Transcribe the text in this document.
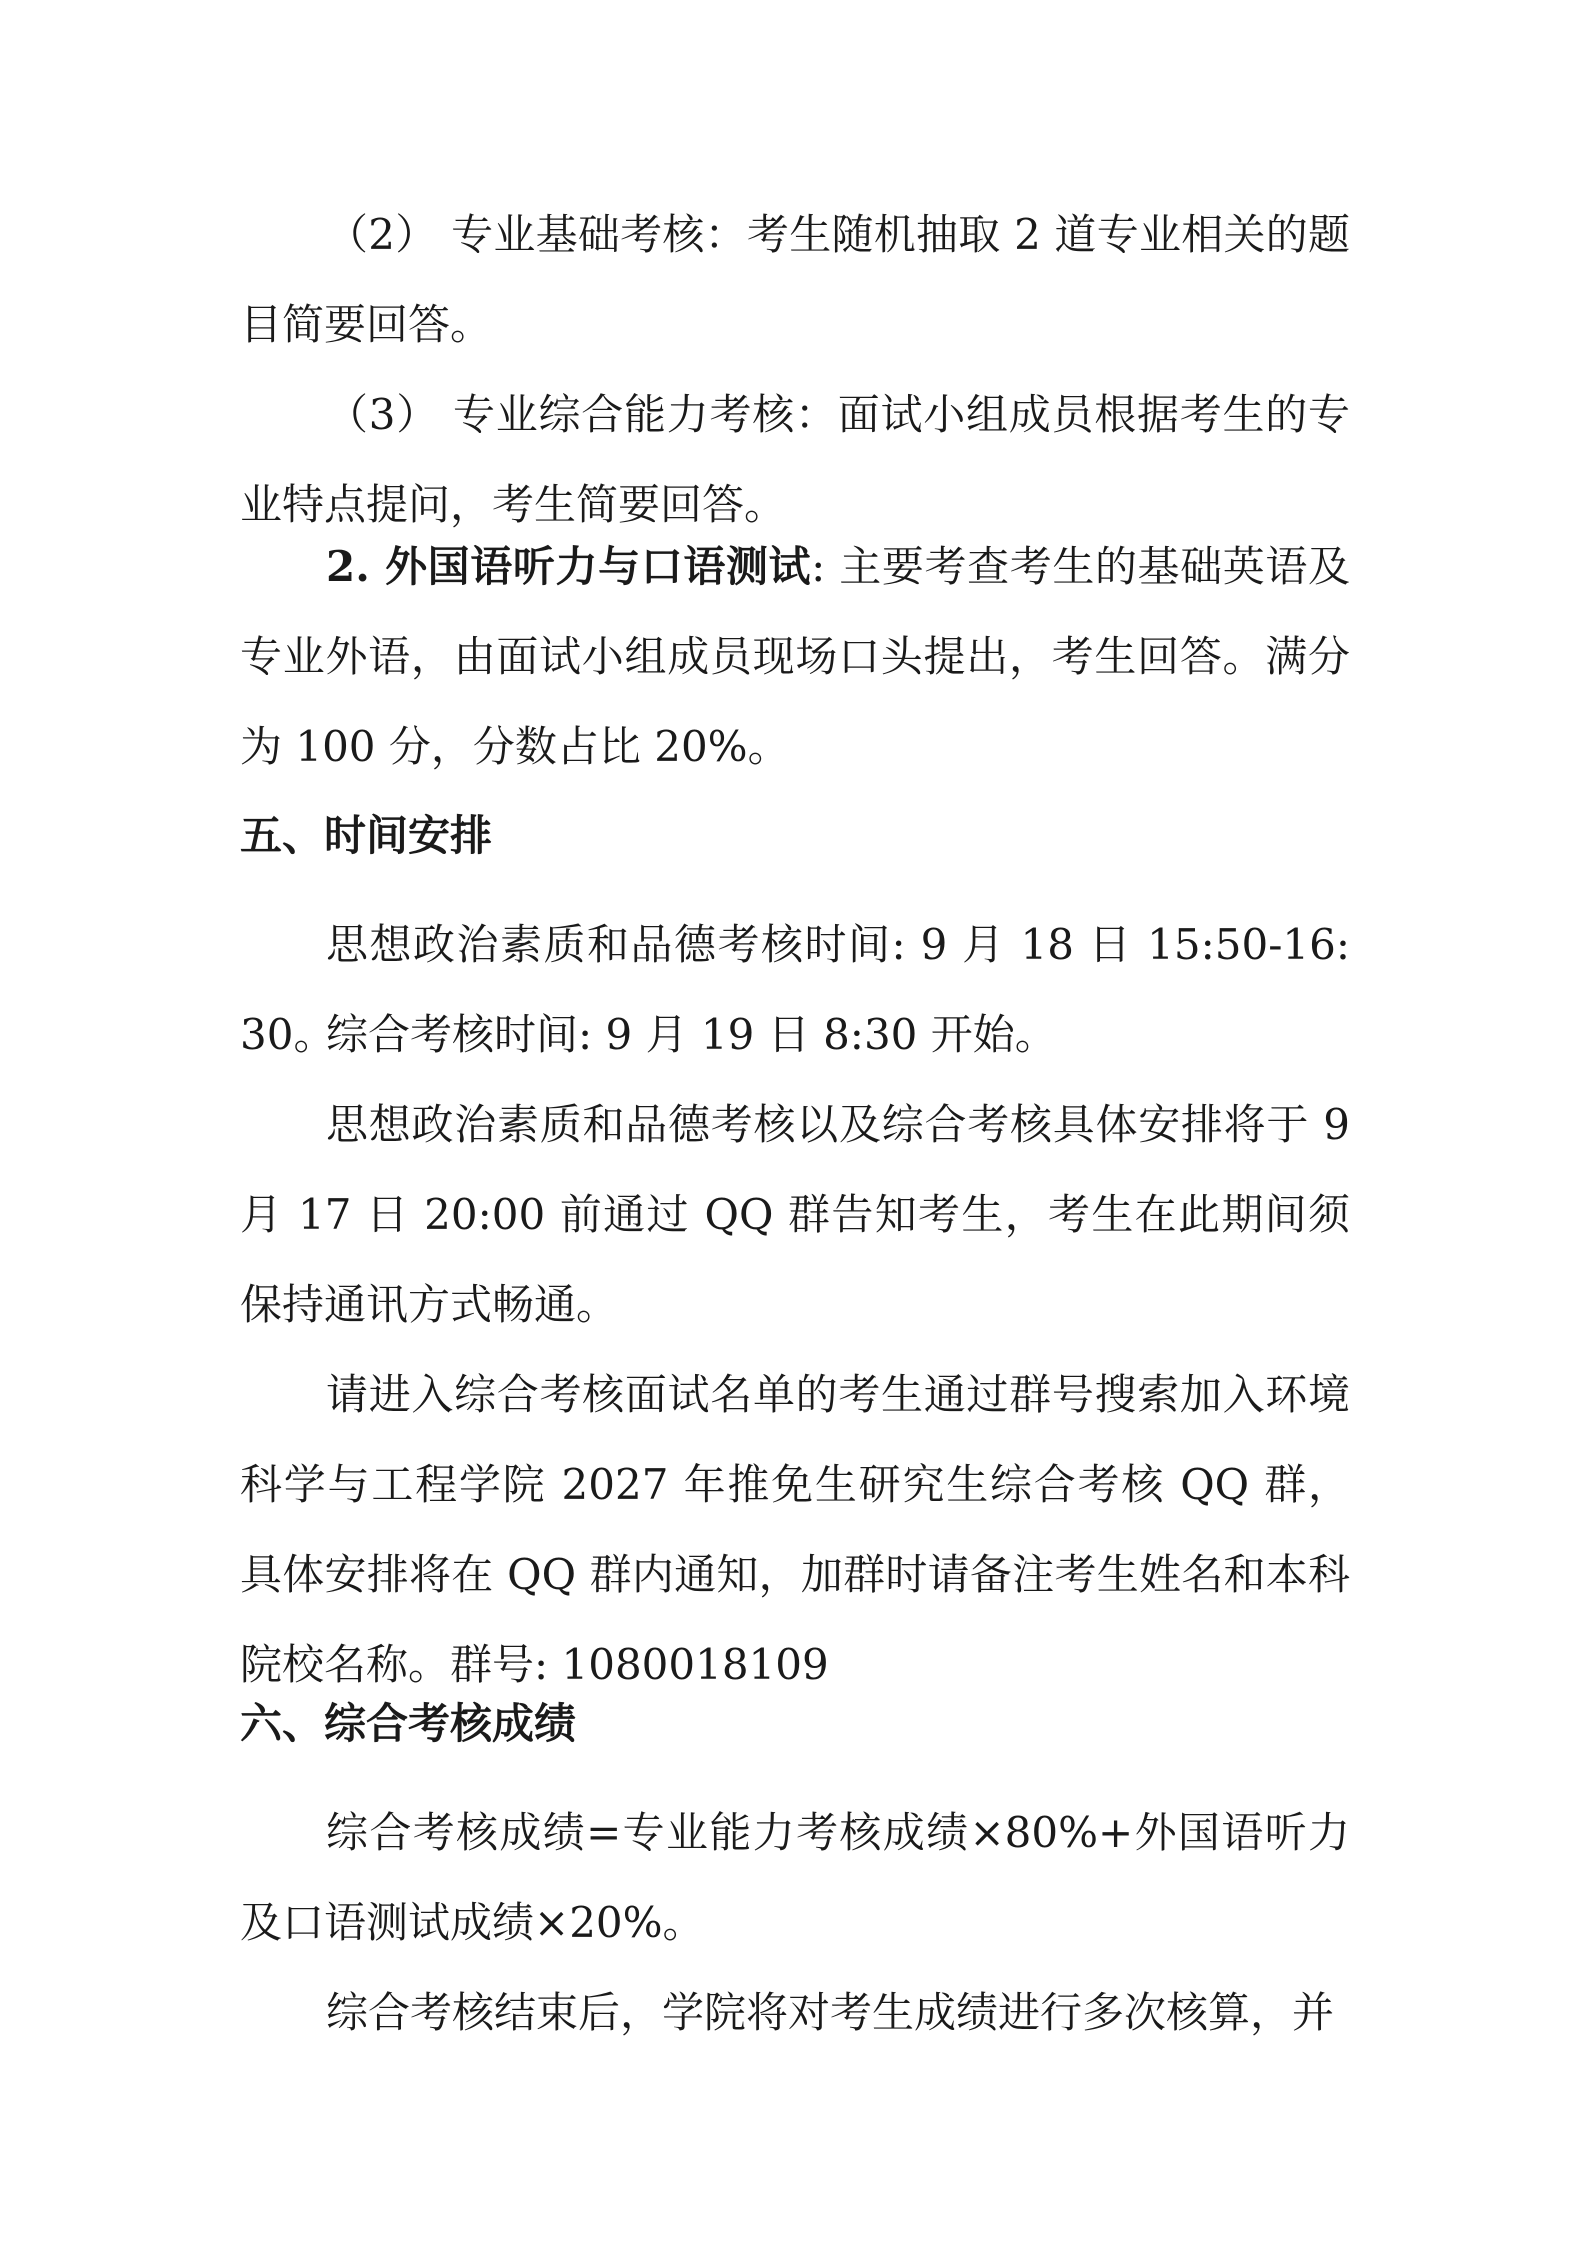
（2） 专业基础考核：考生随机抽取 2 道专业相关的题目简要回答。

（3） 专业综合能力考核：面试小组成员根据考生的专业特点提问，考生简要回答。

2. 外国语听力与口语测试: 主要考查考生的基础英语及专业外语，由面试小组成员现场口头提出，考生回答。满分为 100 分，分数占比 20%。

五、时间安排

思想政治素质和品德考核时间: 9 月 18 日 15:50-16: 30。

综合考核时间: 9 月 19 日 8:30 开始。

思想政治素质和品德考核以及综合考核具体安排将于 9 月 17 日 20:00 前通过 QQ 群告知考生，考生在此期间须保持通讯方式畅通。

请进入综合考核面试名单的考生通过群号搜索加入环境科学与工程学院 2027 年推免生研究生综合考核 QQ 群，具体安排将在 QQ 群内通知，加群时请备注考生姓名和本科院校名称。群号: 1080018109

六、综合考核成绩

综合考核成绩=专业能力考核成绩×80%+外国语听力及口语测试成绩×20%。

综合考核结束后，学院将对考生成绩进行多次核算，并
